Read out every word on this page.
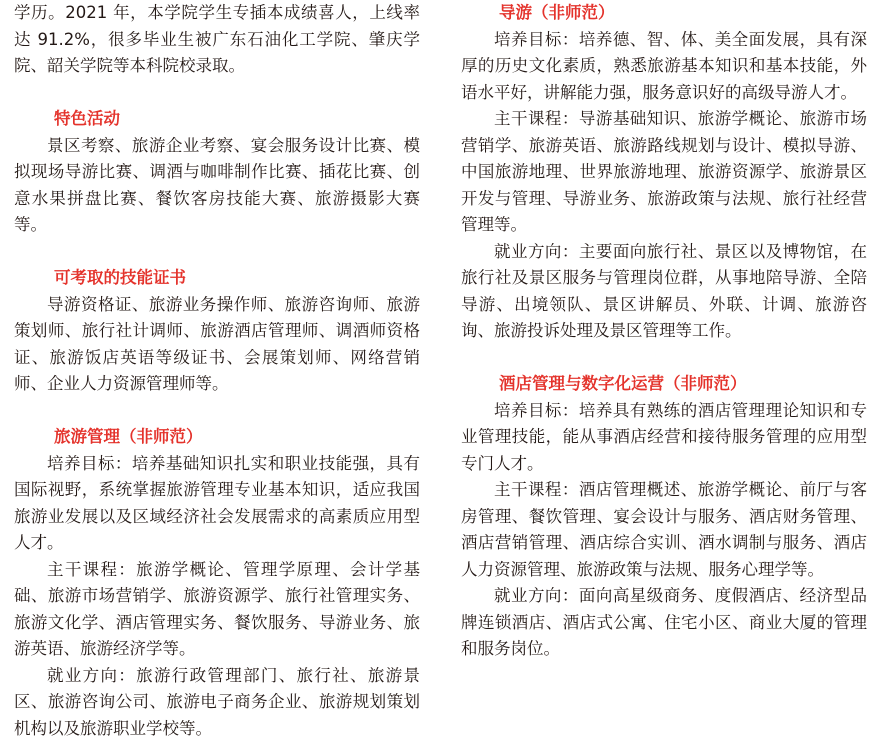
学历。2021 年，本学院学生专插本成绩喜人，上线率达 91.2%，很多毕业生被广东石油化工学院、肇庆学院、韶关学院等本科院校录取。

特色活动

景区考察、旅游企业考察、宴会服务设计比赛、模拟现场导游比赛、调酒与咖啡制作比赛、插花比赛、创意水果拼盘比赛、餐饮客房技能大赛、旅游摄影大赛等。

可考取的技能证书

导游资格证、旅游业务操作师、旅游咨询师、旅游策划师、旅行社计调师、旅游酒店管理师、调酒师资格证、旅游饭店英语等级证书、会展策划师、网络营销师、企业人力资源管理师等。

旅游管理（非师范）

培养目标：培养基础知识扎实和职业技能强，具有国际视野，系统掌握旅游管理专业基本知识，适应我国旅游业发展以及区域经济社会发展需求的高素质应用型人才。

主干课程：旅游学概论、管理学原理、会计学基础、旅游市场营销学、旅游资源学、旅行社管理实务、旅游文化学、酒店管理实务、餐饮服务、导游业务、旅游英语、旅游经济学等。

就业方向：旅游行政管理部门、旅行社、旅游景区、旅游咨询公司、旅游电子商务企业、旅游规划策划机构以及旅游职业学校等。

导游（非师范）

培养目标：培养德、智、体、美全面发展，具有深厚的历史文化素质，熟悉旅游基本知识和基本技能，外语水平好，讲解能力强，服务意识好的高级导游人才。

主干课程：导游基础知识、旅游学概论、旅游市场营销学、旅游英语、旅游路线规划与设计、模拟导游、中国旅游地理、世界旅游地理、旅游资源学、旅游景区开发与管理、导游业务、旅游政策与法规、旅行社经营管理等。

就业方向：主要面向旅行社、景区以及博物馆，在旅行社及景区服务与管理岗位群，从事地陪导游、全陪导游、出境领队、景区讲解员、外联、计调、旅游咨询、旅游投诉处理及景区管理等工作。

酒店管理与数字化运营（非师范）

培养目标：培养具有熟练的酒店管理理论知识和专业管理技能，能从事酒店经营和接待服务管理的应用型专门人才。

主干课程：酒店管理概述、旅游学概论、前厅与客房管理、餐饮管理、宴会设计与服务、酒店财务管理、酒店营销管理、酒店综合实训、酒水调制与服务、酒店人力资源管理、旅游政策与法规、服务心理学等。

就业方向：面向高星级商务、度假酒店、经济型品牌连锁酒店、酒店式公寓、住宅小区、商业大厦的管理和服务岗位。
